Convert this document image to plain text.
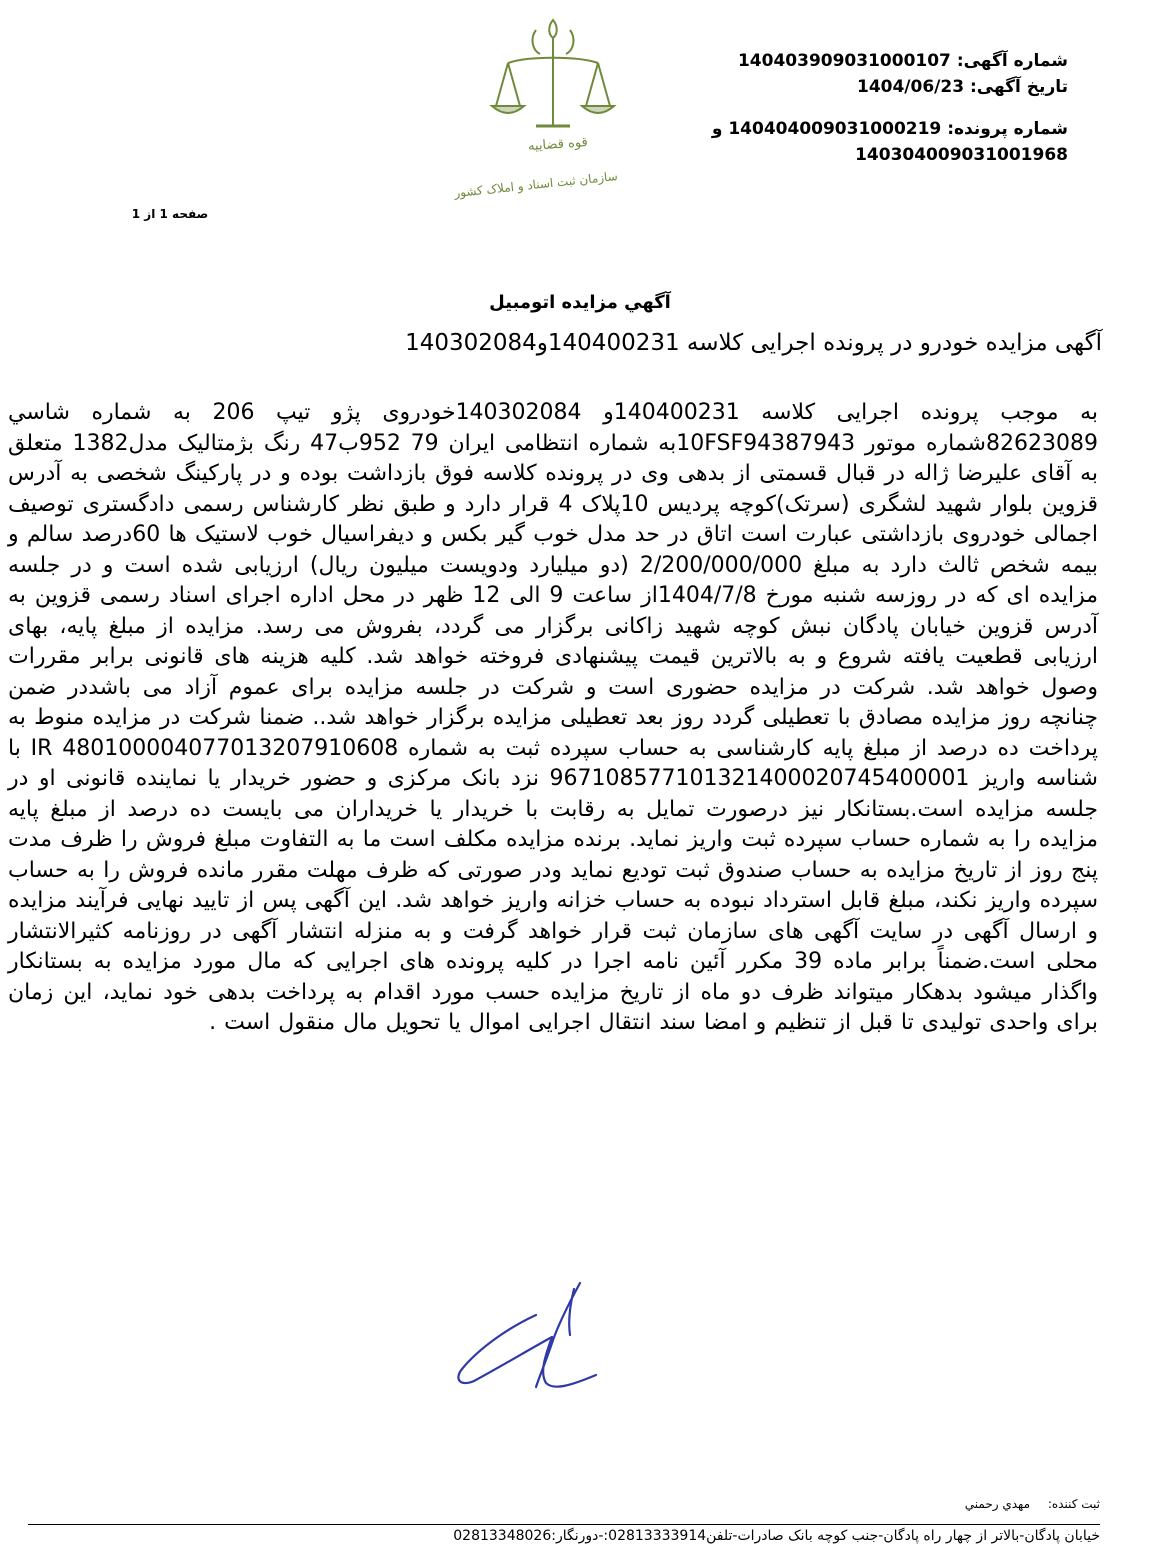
قوه قضاییه
سازمان ثبت اسناد و املاک کشور
شماره آگهی: 140403909031000107
تاریخ آگهی: 1404/06/23
شماره پرونده: 140404009031000219 و
140304009031001968
صفحه 1 از 1
آگهي مزايده اتومبيل
آگهی مزایده خودرو در پرونده اجرایی کلاسه 140400231و140302084
به موجب پرونده اجرایی کلاسه 140400231و 140302084خودروی پژو تیپ 206 به شماره شاسي 82623089شماره موتور 10FSF94387943به شماره انتظامی ایران 79 952ب47 رنگ بژمتالیک مدل1382 متعلق به آقای علیرضا ژاله در قبال قسمتی از بدهی وی در پرونده کلاسه فوق بازداشت بوده و در پارکینگ شخصی به آدرس قزوین بلوار شهید لشگری (سرتک)کوچه پردیس 10پلاک 4 قرار دارد و طبق نظر کارشناس رسمی دادگستری توصیف اجمالی خودروی بازداشتی عبارت است اتاق در حد مدل خوب گیر بکس و دیفراسیال خوب لاستیک ها 60درصد سالم و بیمه شخص ثالث دارد به مبلغ 2/200/000/000 (دو میلیارد ودویست میلیون ریال) ارزیابی شده است و در جلسه مزایده ای که در روزسه شنبه مورخ 1404/7/8از ساعت 9 الی 12 ظهر در محل اداره اجرای اسناد رسمی قزوین به آدرس قزوین خیابان پادگان نبش کوچه شهید زاکانی برگزار می گردد، بفروش می رسد. مزایده از مبلغ پایه، بهای ارزیابی قطعیت یافته شروع و به بالاترین قیمت پیشنهادی فروخته خواهد شد. کلیه هزینه های قانونی برابر مقررات وصول خواهد شد. شرکت در مزایده حضوری است و شرکت در جلسه مزایده برای عموم آزاد می باشددر ضمن چنانچه روز مزایده مصادق با تعطیلی گردد روز بعد تعطیلی مزایده برگزار خواهد شد.. ضمنا شرکت در مزایده منوط به پرداخت ده درصد از مبلغ پایه کارشناسی به حساب سپرده ثبت به شماره IR 480100004077013207910608 با شناسه واریز 967108577101321400020745400001 نزد بانک مرکزی و حضور خریدار یا نماینده قانونی او در جلسه مزایده است.بستانکار نیز درصورت تمایل به رقابت با خریدار یا خریداران می بایست ده درصد از مبلغ پایه مزایده را به شماره حساب سپرده ثبت واریز نماید. برنده مزایده مکلف است ما به التفاوت مبلغ فروش را ظرف مدت پنج روز از تاریخ مزایده به حساب صندوق ثبت تودیع نماید ودر صورتی که ظرف مهلت مقرر مانده فروش را به حساب سپرده واریز نکند، مبلغ قابل استرداد نبوده به حساب خزانه واریز خواهد شد. این آگهی پس از تایید نهایی فرآیند مزایده و ارسال آگهی در سایت آگهی های سازمان ثبت قرار خواهد گرفت و به منزله انتشار آگهی در روزنامه کثیرالانتشار محلی است.ضمناً برابر ماده 39 مکرر آئین نامه اجرا در کلیه پرونده های اجرایی که مال مورد مزایده به بستانکار واگذار میشود بدهکار میتواند ظرف دو ماه از تاریخ مزایده حسب مورد اقدام به پرداخت بدهی خود نماید، این زمان برای واحدی تولیدی تا قبل از تنظیم و امضا سند انتقال اجرایی اموال یا تحویل مال منقول است .
ثبت کننده: مهدي رحمني
خیابان پادگان-بالاتر از چهار راه پادگان-جنب کوچه بانک صادرات-تلفن02813333914:-دورنگار:02813348026
